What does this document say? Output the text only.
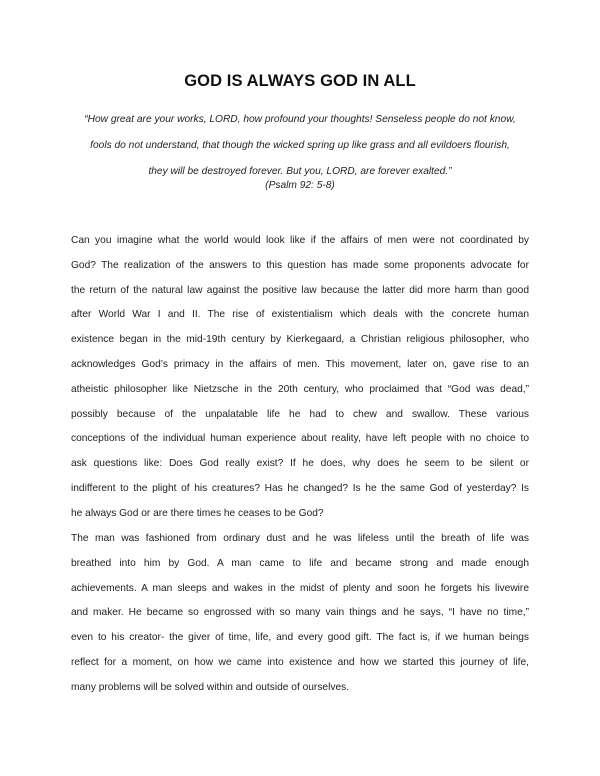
GOD IS ALWAYS GOD IN ALL
“How great are your works, LORD, how profound your thoughts! Senseless people do not know,
fools do not understand, that though the wicked spring up like grass and all evildoers flourish,
they will be destroyed forever. But you, LORD, are forever exalted.”
(Psalm 92: 5-8)
Can you imagine what the world would look like if the affairs of men were not coordinated by
God? The realization of the answers to this question has made some proponents advocate for
the return of the natural law against the positive law because the latter did more harm than good
after World War I and II. The rise of existentialism which deals with the concrete human
existence began in the mid-19th century by Kierkegaard, a Christian religious philosopher, who
acknowledges God’s primacy in the affairs of men. This movement, later on, gave rise to an
atheistic philosopher like Nietzsche in the 20th century, who proclaimed that “God was dead,”
possibly because of the unpalatable life he had to chew and swallow. These various
conceptions of the individual human experience about reality, have left people with no choice to
ask questions like: Does God really exist? If he does, why does he seem to be silent or
indifferent to the plight of his creatures? Has he changed? Is he the same God of yesterday? Is
he always God or are there times he ceases to be God?
The man was fashioned from ordinary dust and he was lifeless until the breath of life was
breathed into him by God. A man came to life and became strong and made enough
achievements. A man sleeps and wakes in the midst of plenty and soon he forgets his livewire
and maker. He became so engrossed with so many vain things and he says, “I have no time,”
even to his creator- the giver of time, life, and every good gift. The fact is, if we human beings
reflect for a moment, on how we came into existence and how we started this journey of life,
many problems will be solved within and outside of ourselves.
